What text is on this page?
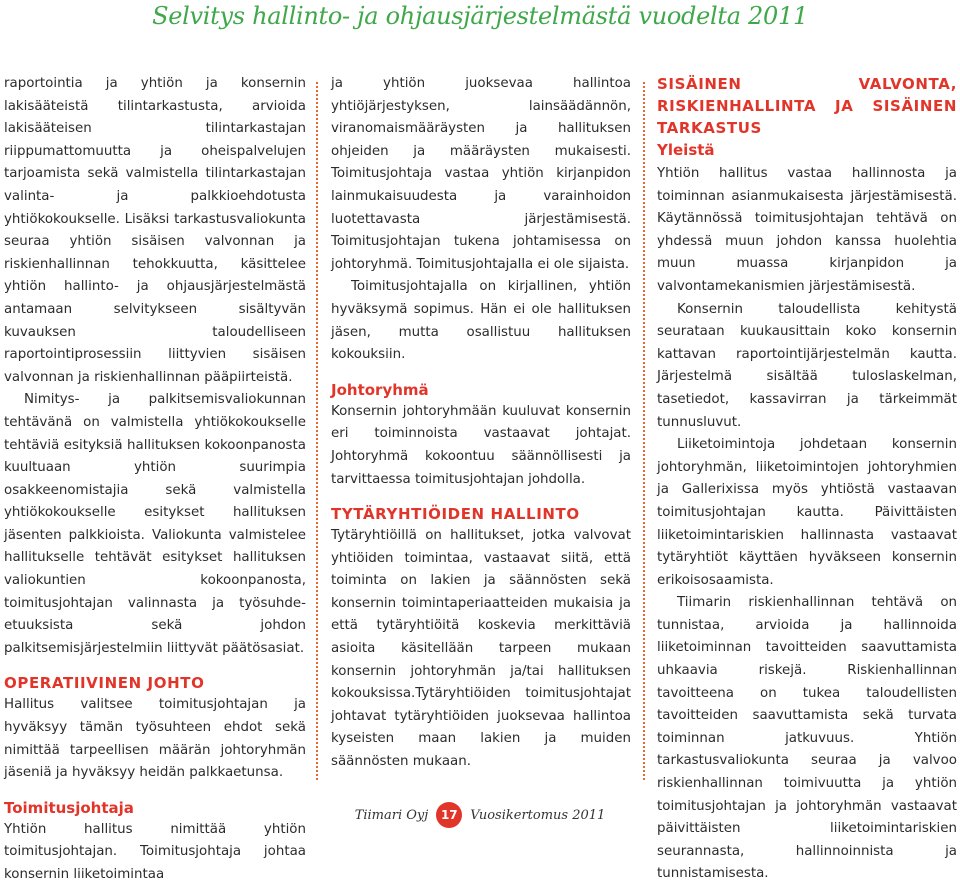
Selvitys hallinto- ja ohjausjärjestelmästä vuodelta 2011

raportointia ja yhtiön ja konsernin lakisääteistä tilintarkastusta, arvioida lakisääteisen tilintarkastajan riippumattomuutta ja oheispalvelujen tarjoamista sekä valmistella tilintarkastajan valinta- ja palkkioehdotusta yhtiökokoukselle. Lisäksi tarkastusvaliokunta seuraa yhtiön sisäisen valvonnan ja riskienhallinnan tehokkuutta, käsittelee yhtiön hallinto- ja ohjausjärjestelmästä antamaan selvitykseen sisältyvän kuvauksen taloudelliseen raportointiprosessiin liittyvien sisäisen valvonnan ja riskienhallinnan pääpiirteistä.

Nimitys- ja palkitsemisvaliokunnan tehtävänä on valmistella yhtiökokoukselle tehtäviä esityksiä hallituksen kokoonpanosta kuultuaan yhtiön suurimpia osakkeenomistajia sekä valmistella yhtiökokoukselle esitykset hallituksen jäsenten palkkioista. Valiokunta valmistelee hallitukselle tehtävät esitykset hallituksen valiokuntien kokoonpanosta, toimitusjohtajan valinnasta ja työsuhde-etuuksista sekä johdon palkitsemisjärjestelmiin liittyvät päätösasiat.

OPERATIIVINEN JOHTO

Hallitus valitsee toimitusjohtajan ja hyväksyy tämän työsuhteen ehdot sekä nimittää tarpeellisen määrän johtoryhmän jäseniä ja hyväksyy heidän palkkaetunsa.

Toimitusjohtaja

Yhtiön hallitus nimittää yhtiön toimitusjohtajan. Toimitusjohtaja johtaa konsernin liiketoimintaa

ja yhtiön juoksevaa hallintoa yhtiöjärjestyksen, lainsäädännön, viranomaismääräysten ja hallituksen ohjeiden ja määräysten mukaisesti. Toimitusjohtaja vastaa yhtiön kirjanpidon lainmukaisuudesta ja varainhoidon luotettavasta järjestämisestä. Toimitusjohtajan tukena johtamisessa on johtoryhmä. Toimitusjohtajalla ei ole sijaista.

Toimitusjohtajalla on kirjallinen, yhtiön hyväksymä sopimus. Hän ei ole hallituksen jäsen, mutta osallistuu hallituksen kokouksiin.

Johtoryhmä

Konsernin johtoryhmään kuuluvat konsernin eri toiminnoista vastaavat johtajat. Johtoryhmä kokoontuu säännöllisesti ja tarvittaessa toimitusjohtajan johdolla.

TYTÄRYHTIÖIDEN HALLINTO

Tytäryhtiöillä on hallitukset, jotka valvovat yhtiöiden toimintaa, vastaavat siitä, että toiminta on lakien ja säännösten sekä konsernin toimintaperiaatteiden mukaisia ja että tytäryhtiöitä koskevia merkittäviä asioita käsitellään tarpeen mukaan konsernin johtoryhmän ja/tai hallituksen kokouksissa.Tytäryhtiöiden toimitusjohtajat johtavat tytäryhtiöiden juoksevaa hallintoa kyseisten maan lakien ja muiden säännösten mukaan.

SISÄINEN VALVONTA, RISKIENHALLINTA JA SISÄINEN TARKASTUS
Yleistä

Yhtiön hallitus vastaa hallinnosta ja toiminnan asianmukaisesta järjestämisestä. Käytännössä toimitusjohtajan tehtävä on yhdessä muun johdon kanssa huolehtia muun muassa kirjanpidon ja valvontamekanismien järjestämisestä.

Konsernin taloudellista kehitystä seurataan kuukausittain koko konsernin kattavan raportointijärjestelmän kautta. Järjestelmä sisältää tuloslaskelman, tasetiedot, kassavirran ja tärkeimmät tunnusluvut.

Liiketoimintoja johdetaan konsernin johtoryhmän, liiketoimintojen johtoryhmien ja Gallerixissa myös yhtiöstä vastaavan toimitusjohtajan kautta. Päivittäisten liiketoimintariskien hallinnasta vastaavat tytäryhtiöt käyttäen hyväkseen konsernin erikoisosaamista.

Tiimarin riskienhallinnan tehtävä on tunnistaa, arvioida ja hallinnoida liiketoiminnan tavoitteiden saavuttamista uhkaavia riskejä. Riskienhallinnan tavoitteena on tukea taloudellisten tavoitteiden saavuttamista sekä turvata toiminnan jatkuvuus. Yhtiön tarkastusvaliokunta seuraa ja valvoo riskienhallinnan toimivuutta ja yhtiön toimitusjohtajan ja johtoryhmän vastaavat päivittäisten liiketoimintariskien seurannasta, hallinnoinnista ja tunnistamisesta.

Tiimari Oyj	17 Vuosikertomus 2011
